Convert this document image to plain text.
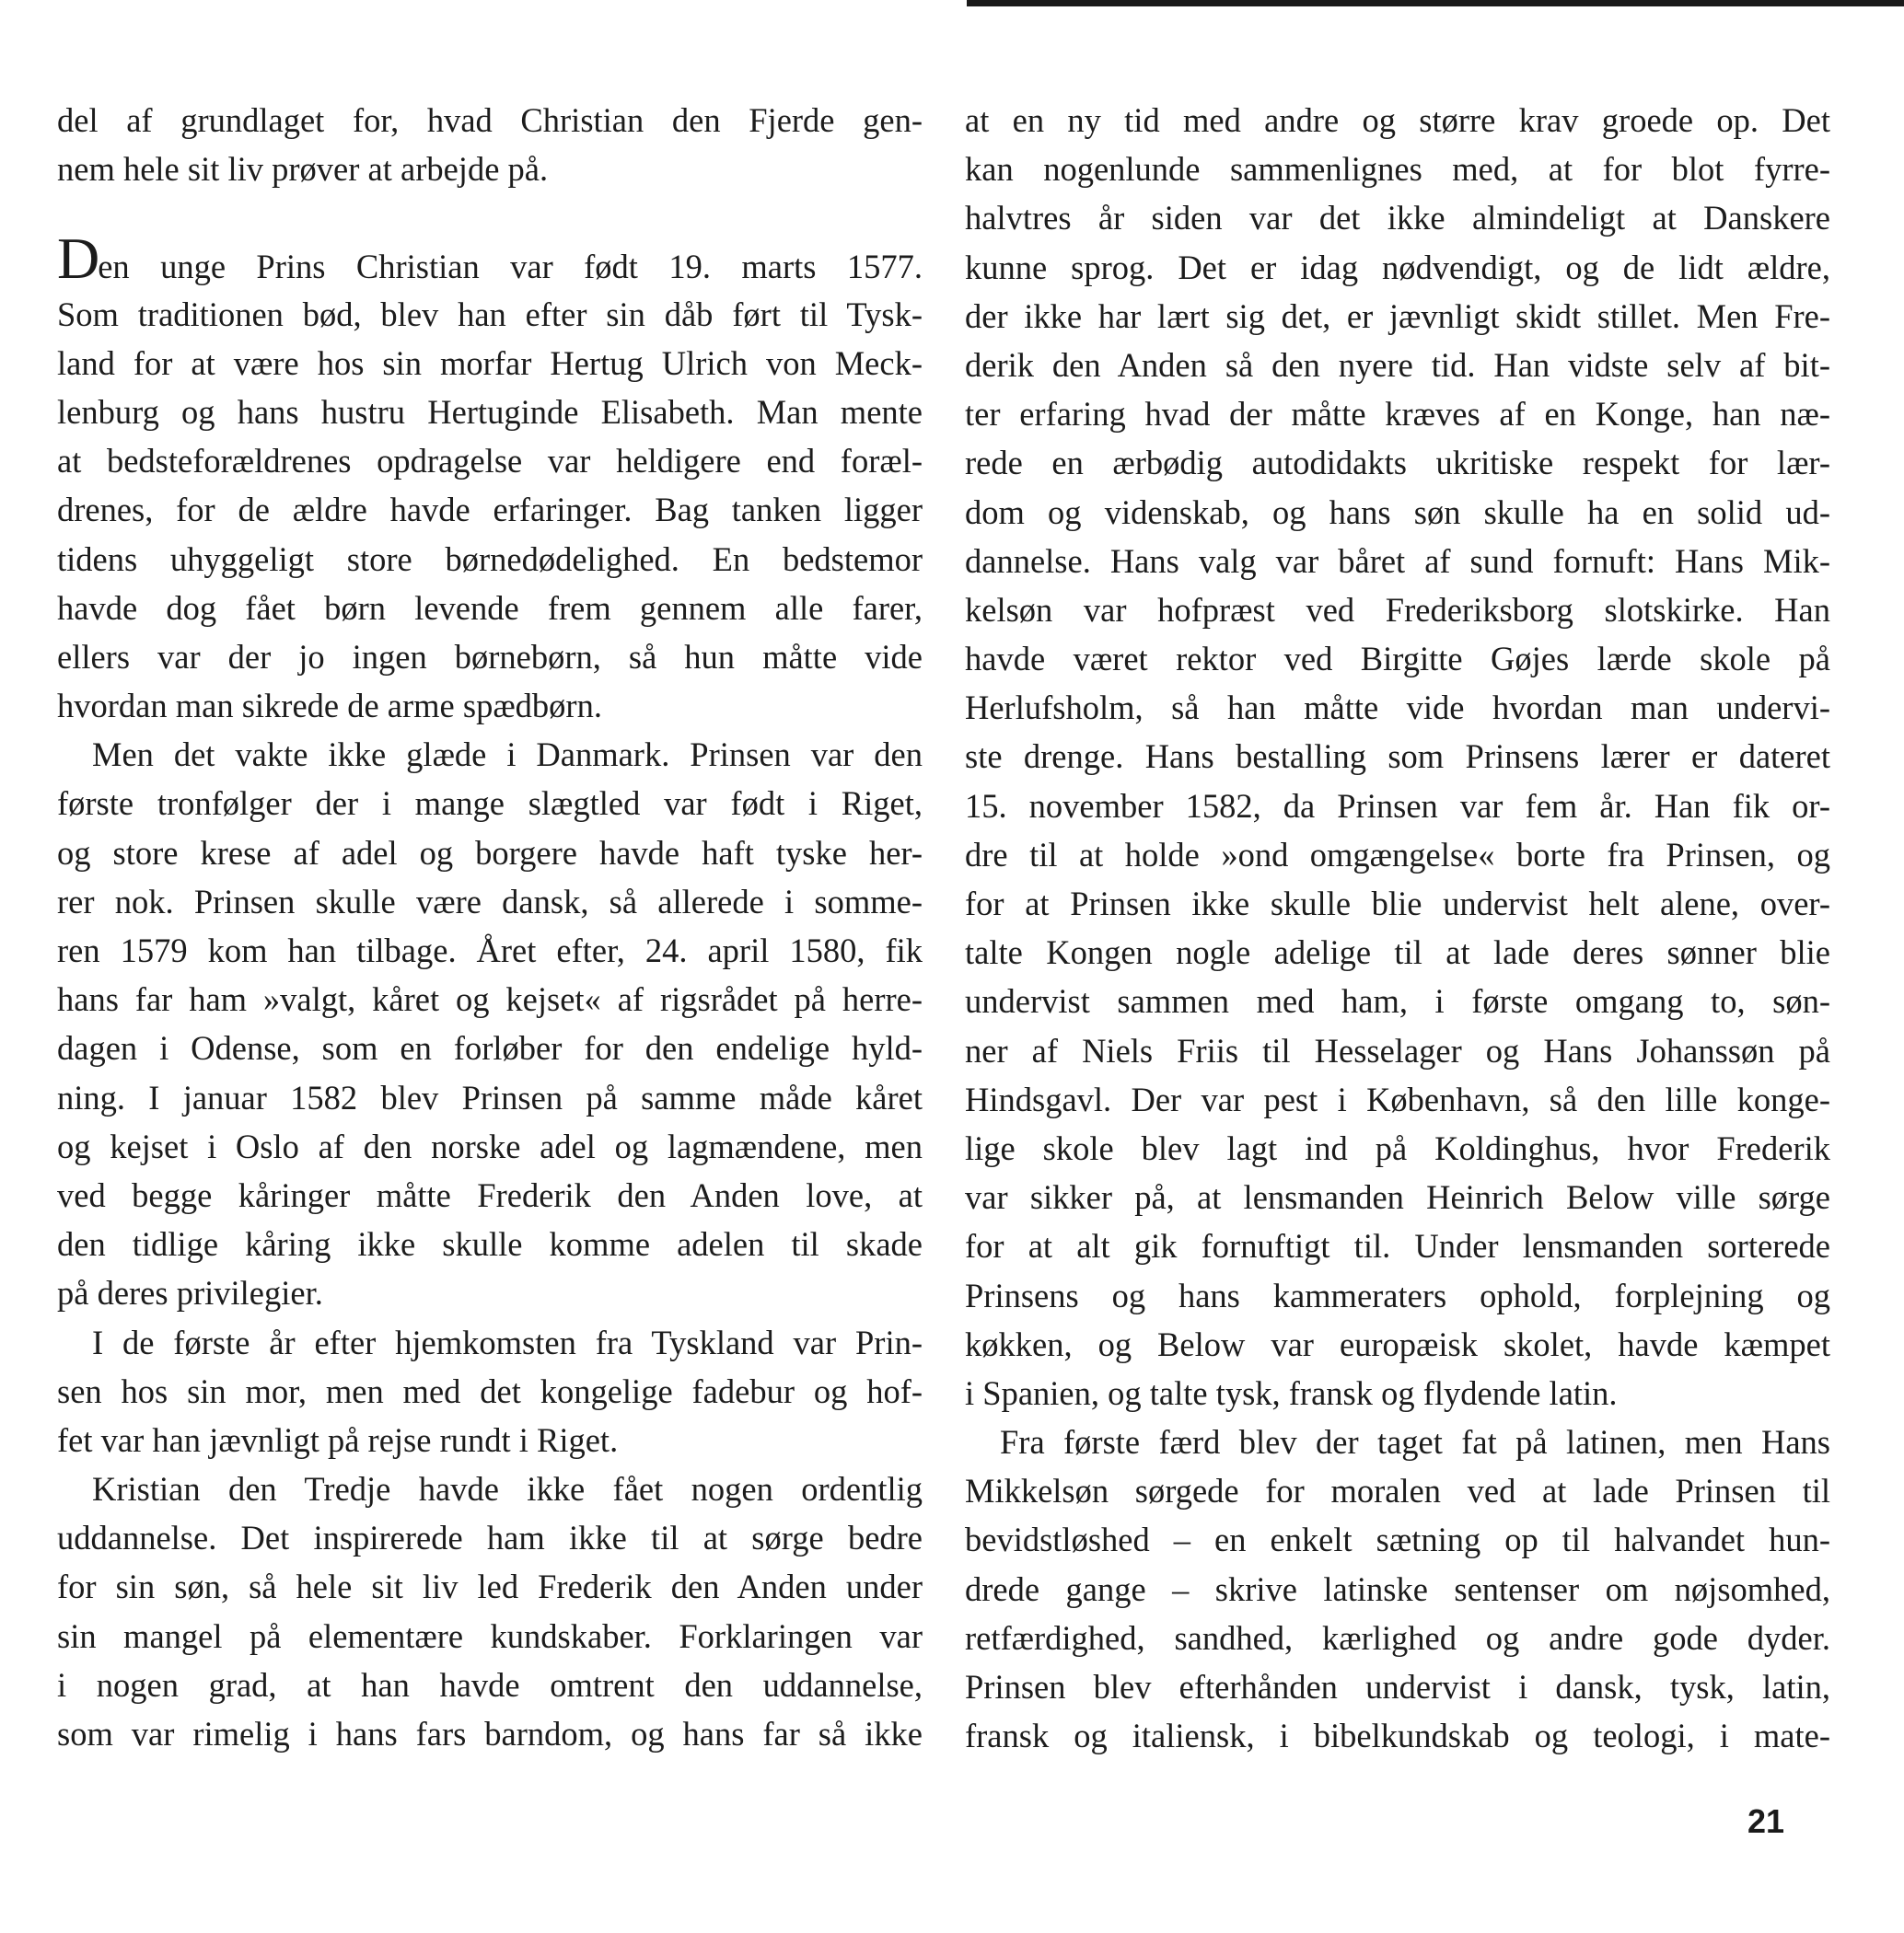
del af grundlaget for, hvad Christian den Fjerde gen-
nem hele sit liv prøver at arbejde på.
Den unge Prins Christian var født 19. marts 1577.
Som traditionen bød, blev han efter sin dåb ført til Tysk-
land for at være hos sin morfar Hertug Ulrich von Meck-
lenburg og hans hustru Hertuginde Elisabeth. Man mente
at bedsteforældrenes opdragelse var heldigere end foræl-
drenes, for de ældre havde erfaringer. Bag tanken ligger
tidens uhyggeligt store børnedødelighed. En bedstemor
havde dog fået børn levende frem gennem alle farer,
ellers var der jo ingen børnebørn, så hun måtte vide
hvordan man sikrede de arme spædbørn.
Men det vakte ikke glæde i Danmark. Prinsen var den
første tronfølger der i mange slægtled var født i Riget,
og store krese af adel og borgere havde haft tyske her-
rer nok. Prinsen skulle være dansk, så allerede i somme-
ren 1579 kom han tilbage. Året efter, 24. april 1580, fik
hans far ham »valgt, kåret og kejset« af rigsrådet på herre-
dagen i Odense, som en forløber for den endelige hyld-
ning. I januar 1582 blev Prinsen på samme måde kåret
og kejset i Oslo af den norske adel og lagmændene, men
ved begge kåringer måtte Frederik den Anden love, at
den tidlige kåring ikke skulle komme adelen til skade
på deres privilegier.
I de første år efter hjemkomsten fra Tyskland var Prin-
sen hos sin mor, men med det kongelige fadebur og hof-
fet var han jævnligt på rejse rundt i Riget.
Kristian den Tredje havde ikke fået nogen ordentlig
uddannelse. Det inspirerede ham ikke til at sørge bedre
for sin søn, så hele sit liv led Frederik den Anden under
sin mangel på elementære kundskaber. Forklaringen var
i nogen grad, at han havde omtrent den uddannelse,
som var rimelig i hans fars barndom, og hans far så ikke
at en ny tid med andre og større krav groede op. Det
kan nogenlunde sammenlignes med, at for blot fyrre-
halvtres år siden var det ikke almindeligt at Danskere
kunne sprog. Det er idag nødvendigt, og de lidt ældre,
der ikke har lært sig det, er jævnligt skidt stillet. Men Fre-
derik den Anden så den nyere tid. Han vidste selv af bit-
ter erfaring hvad der måtte kræves af en Konge, han næ-
rede en ærbødig autodidakts ukritiske respekt for lær-
dom og videnskab, og hans søn skulle ha en solid ud-
dannelse. Hans valg var båret af sund fornuft: Hans Mik-
kelsøn var hofpræst ved Frederiksborg slotskirke. Han
havde været rektor ved Birgitte Gøjes lærde skole på
Herlufsholm, så han måtte vide hvordan man undervi-
ste drenge. Hans bestalling som Prinsens lærer er dateret
15. november 1582, da Prinsen var fem år. Han fik or-
dre til at holde »ond omgængelse« borte fra Prinsen, og
for at Prinsen ikke skulle blie undervist helt alene, over-
talte Kongen nogle adelige til at lade deres sønner blie
undervist sammen med ham, i første omgang to, søn-
ner af Niels Friis til Hesselager og Hans Johanssøn på
Hindsgavl. Der var pest i København, så den lille konge-
lige skole blev lagt ind på Koldinghus, hvor Frederik
var sikker på, at lensmanden Heinrich Below ville sørge
for at alt gik fornuftigt til. Under lensmanden sorterede
Prinsens og hans kammeraters ophold, forplejning og
køkken, og Below var europæisk skolet, havde kæmpet
i Spanien, og talte tysk, fransk og flydende latin.
Fra første færd blev der taget fat på latinen, men Hans
Mikkelsøn sørgede for moralen ved at lade Prinsen til
bevidstløshed – en enkelt sætning op til halvandet hun-
drede gange – skrive latinske sentenser om nøjsomhed,
retfærdighed, sandhed, kærlighed og andre gode dyder.
Prinsen blev efterhånden undervist i dansk, tysk, latin,
fransk og italiensk, i bibelkundskab og teologi, i mate-
21
